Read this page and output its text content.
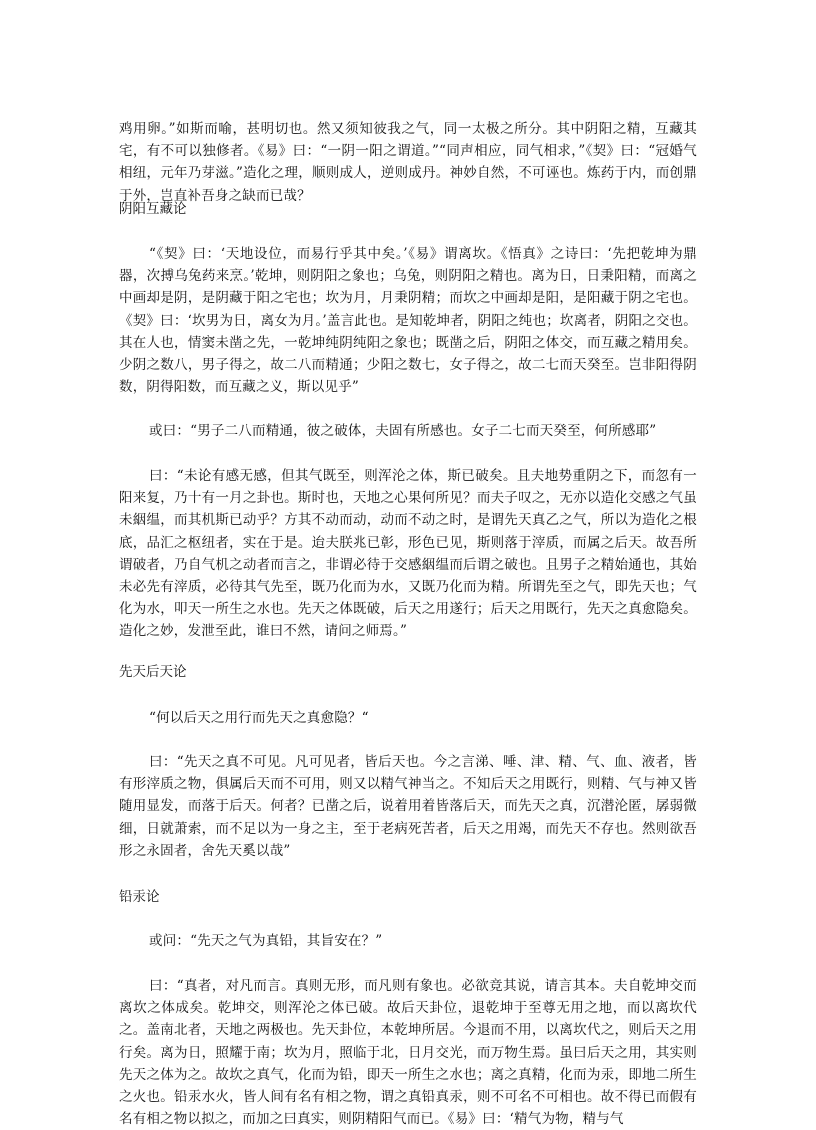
鸡用卵。”如斯而喻，甚明切也。然又须知彼我之气，同一太极之所分。其中阴阳之精，互藏其宅，有不可以独修者。《易》曰：“一阴一阳之谓道。”“同声相应，同气相求，”《契》曰：“冠婚气相纽，元年乃芽滋。”造化之理，顺则成人，逆则成丹。神妙自然，不可诬也。炼药于内，而创鼎于外，岂直补吾身之缺而已哉？

阴阳互藏论

“《契》曰：‘天地设位，而易行乎其中矣。’《易》谓离坎。《悟真》之诗曰：‘先把乾坤为鼎器，次搏乌兔药来烹。’乾坤，则阴阳之象也；乌兔，则阴阳之精也。离为日，日秉阳精，而离之中画却是阴，是阴藏于阳之宅也；坎为月，月秉阴精；而坎之中画却是阳，是阳藏于阴之宅也。《契》曰：‘坎男为日，离女为月。’盖言此也。是知乾坤者，阴阳之纯也；坎离者，阴阳之交也。其在人也，情窦未凿之先，一乾坤纯阴纯阳之象也；既凿之后，阴阳之体交，而互藏之精用矣。少阴之数八，男子得之，故二八而精通；少阳之数七，女子得之，故二七而天癸至。岂非阳得阴数，阴得阳数，而互藏之义，斯以见乎”

或曰：“男子二八而精通，彼之破体，夫固有所感也。女子二七而天癸至，何所感耶”

曰：“未论有感无感，但其气既至，则浑沦之体，斯已破矣。且夫地势重阴之下，而忽有一阳来复，乃十有一月之卦也。斯时也，天地之心果何所见？而夫子叹之，无亦以造化交感之气虽未絪缊，而其机斯已动乎？方其不动而动，动而不动之时，是谓先天真乙之气，所以为造化之根底，品汇之枢纽者，实在于是。迨夫朕兆已彰，形色已见，斯则落于滓质，而属之后天。故吾所谓破者，乃自气机之动者而言之，非谓必待于交感絪缊而后谓之破也。且男子之精始通也，其始未必先有滓质，必待其气先至，既乃化而为水，又既乃化而为精。所谓先至之气，即先天也；气化为水，叩天一所生之水也。先天之体既破，后天之用遂行；后天之用既行，先天之真愈隐矣。造化之妙，发泄至此，谁曰不然，请问之师焉。”

先天后天论

“何以后天之用行而先天之真愈隐？“

曰：“先天之真不可见。凡可见者，皆后天也。今之言涕、唾、津、精、气、血、液者，皆有形滓质之物，俱属后天而不可用，则又以精气神当之。不知后天之用既行，则精、气与神又皆随用显发，而落于后天。何者？已凿之后，说着用着皆落后天，而先天之真，沉潜沦匿，孱弱微细，日就萧索，而不足以为一身之主，至于老病死苦者，后天之用竭，而先天不存也。然则欲吾形之永固者，舍先天奚以哉”

铅汞论

或问：“先天之气为真铅，其旨安在？”

曰：“真者，对凡而言。真则无形，而凡则有象也。必欲竞其说，请言其本。夫自乾坤交而离坎之体成矣。乾坤交，则浑沦之体已破。故后天卦位，退乾坤于至尊无用之地，而以离坎代之。盖南北者，天地之两极也。先天卦位，本乾坤所居。今退而不用，以离坎代之，则后天之用行矣。离为日，照耀于南；坎为月，照临于北，日月交光，而万物生焉。虽曰后天之用，其实则先天之体为之。故坎之真气，化而为铅，即天一所生之水也；离之真精，化而为汞，即地二所生之火也。铅汞水火，皆人间有名有相之物，谓之真铅真汞，则不可名不可相也。故不得已而假有名有相之物以拟之，而加之曰真实，则阴精阳气而已。《易》曰：‘精气为物，精与气
